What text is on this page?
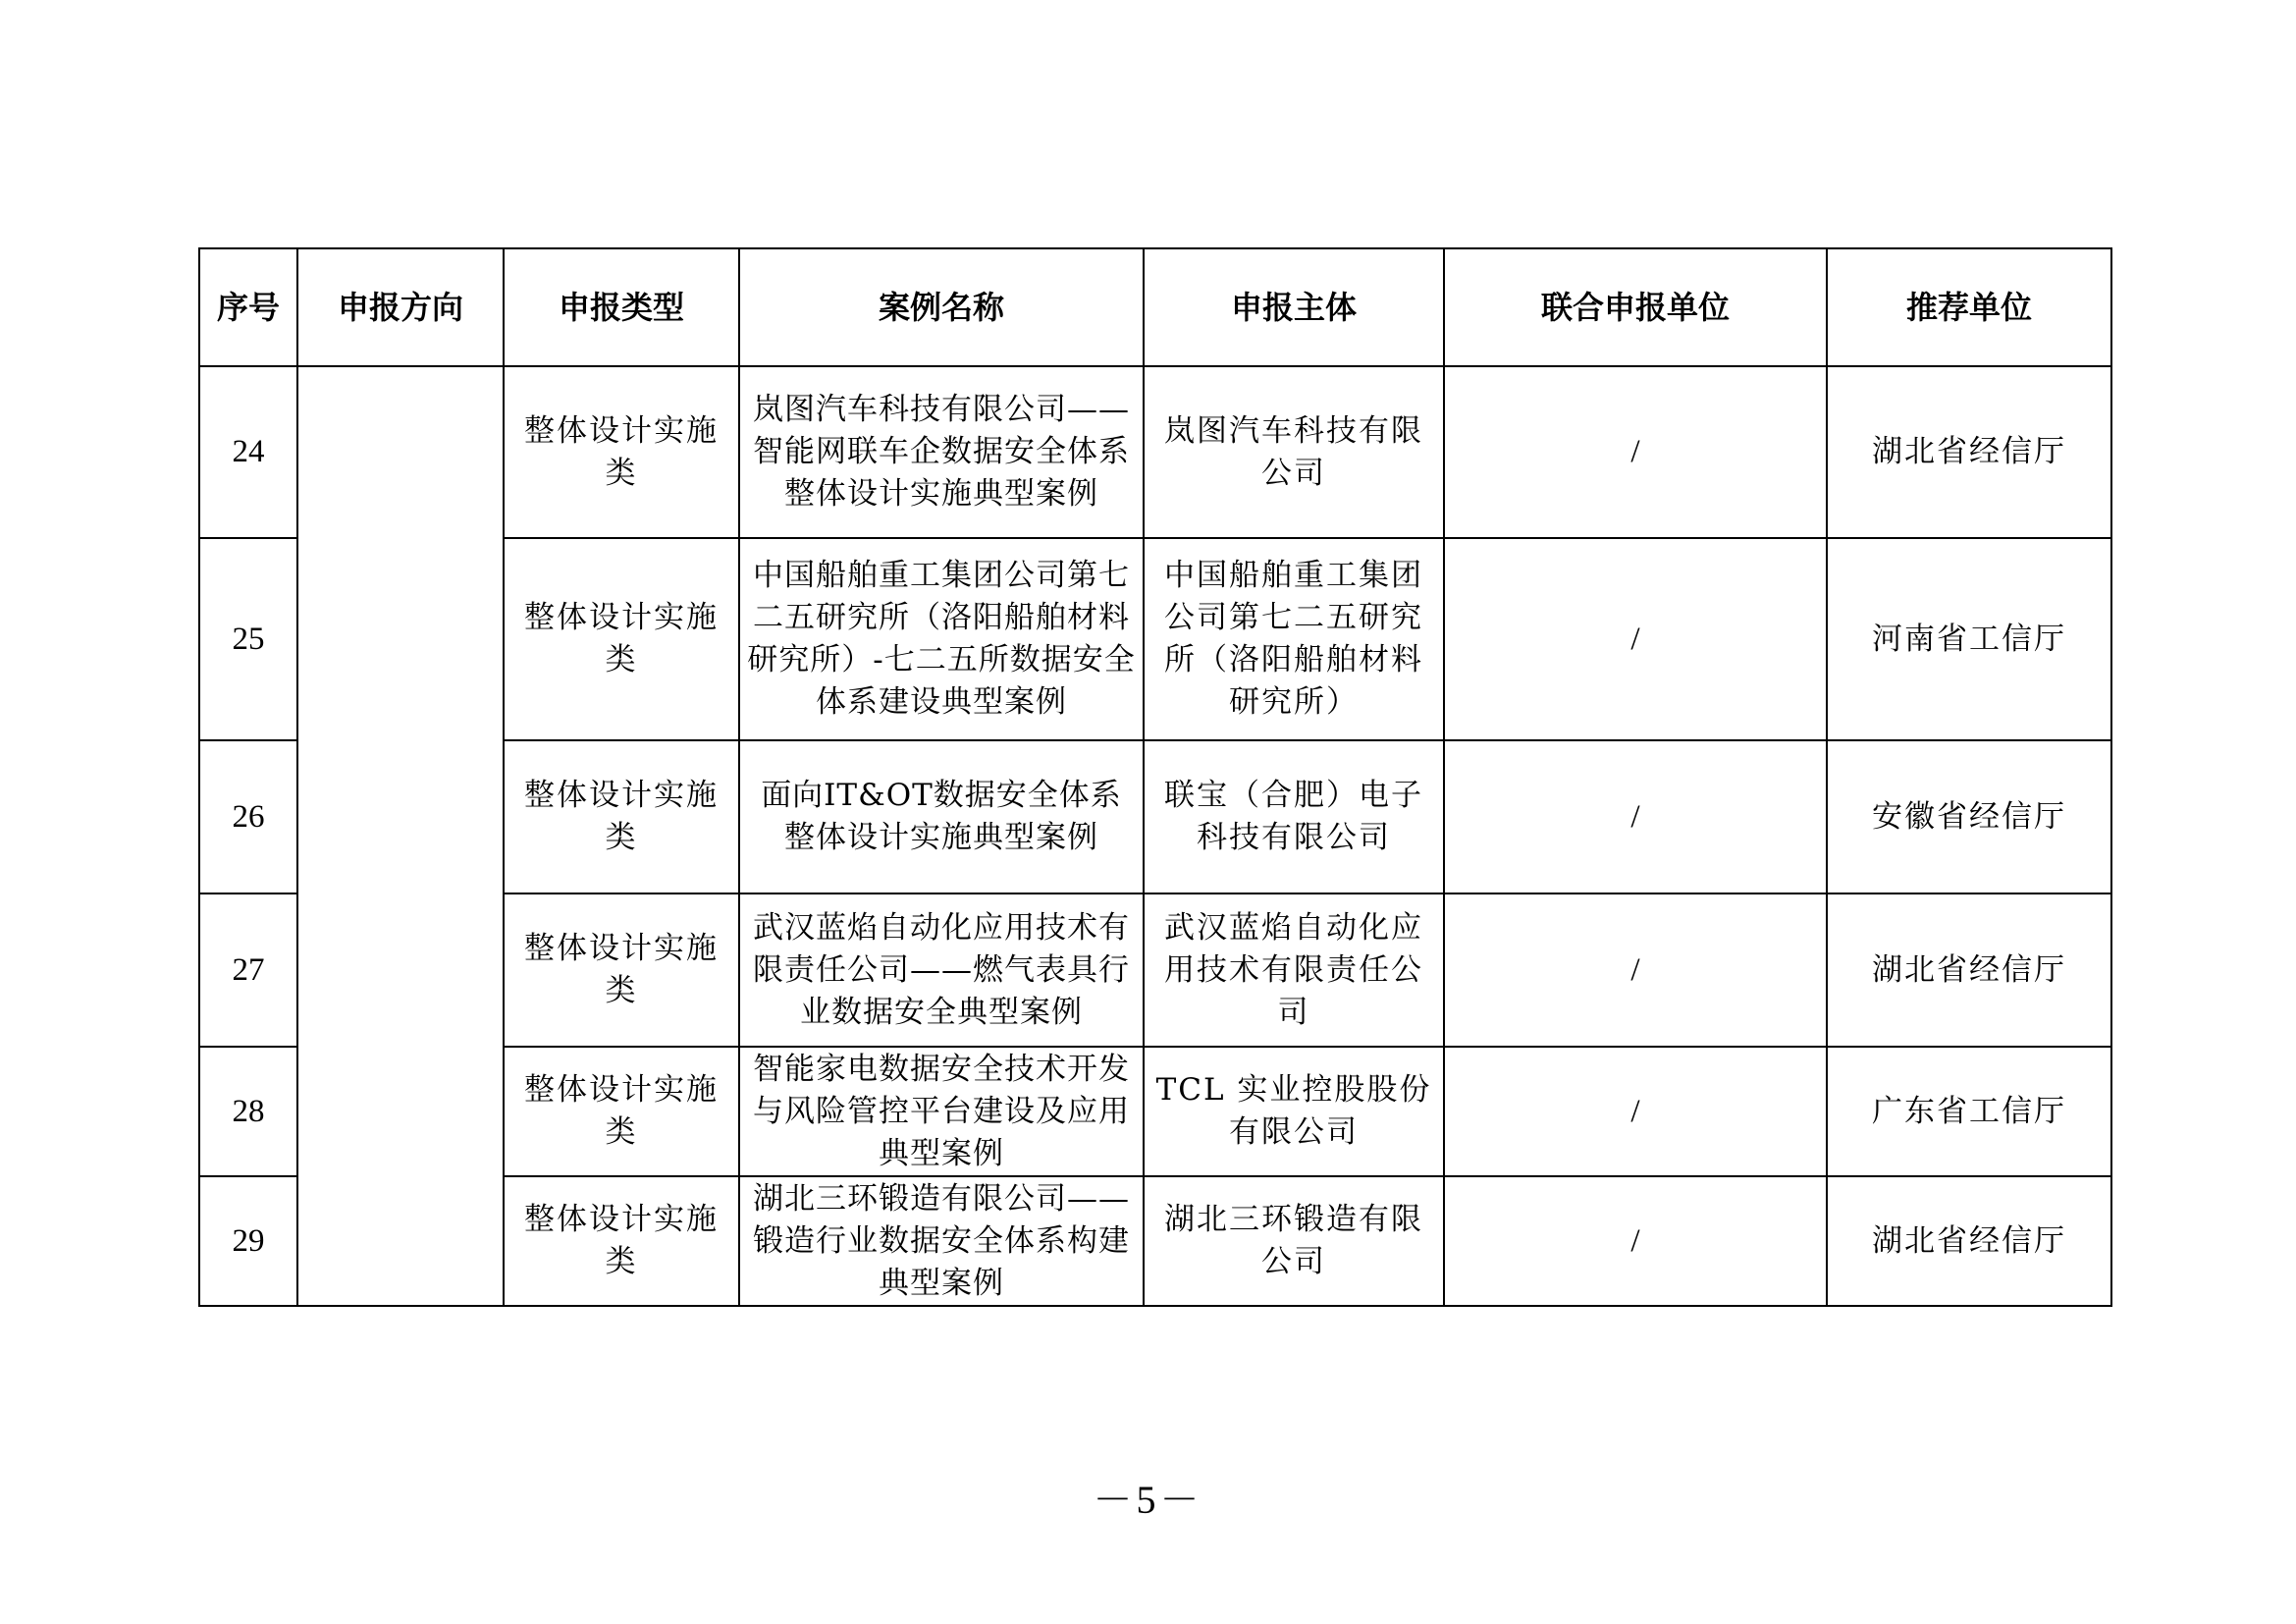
序号	申报方向	申报类型	案例名称	申报主体	联合申报单位	推荐单位
24		整体设计实施类	岚图汽车科技有限公司——智能网联车企数据安全体系整体设计实施典型案例	岚图汽车科技有限公司	/	湖北省经信厅
25		整体设计实施类	中国船舶重工集团公司第七二五研究所（洛阳船舶材料研究所）-七二五所数据安全体系建设典型案例	中国船舶重工集团公司第七二五研究所（洛阳船舶材料研究所）	/	河南省工信厅
26		整体设计实施类	面向IT&OT数据安全体系整体设计实施典型案例	联宝（合肥）电子科技有限公司	/	安徽省经信厅
27		整体设计实施类	武汉蓝焰自动化应用技术有限责任公司——燃气表具行业数据安全典型案例	武汉蓝焰自动化应用技术有限责任公司	/	湖北省经信厅
28		整体设计实施类	智能家电数据安全技术开发与风险管控平台建设及应用典型案例	TCL 实业控股股份有限公司	/	广东省工信厅
29		整体设计实施类	湖北三环锻造有限公司——锻造行业数据安全体系构建典型案例	湖北三环锻造有限公司	/	湖北省经信厅
－5－
